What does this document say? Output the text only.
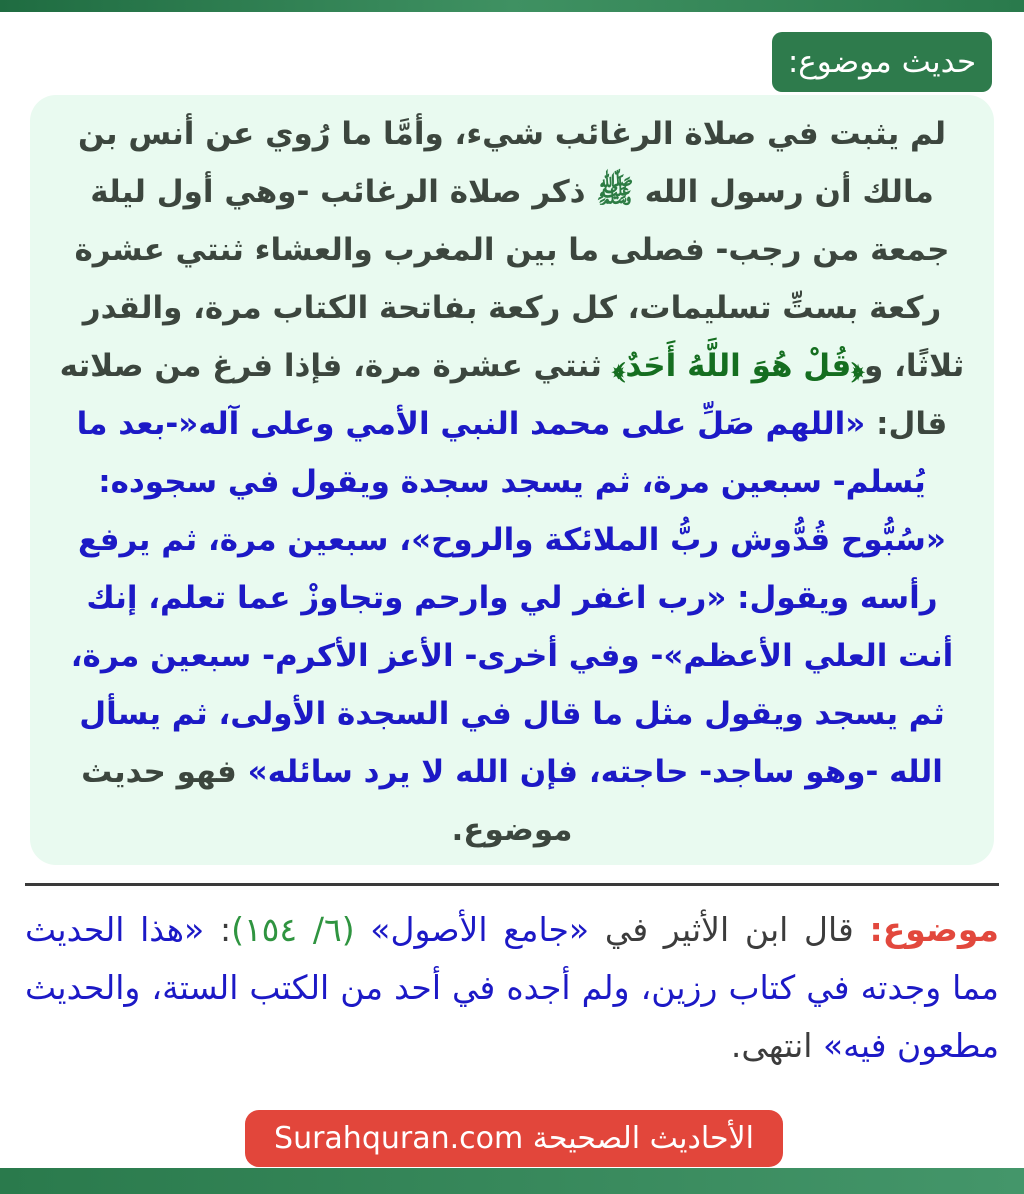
حديث موضوع:
لم يثبت في صلاة الرغائب شيء، وأمَّا ما رُوي عن أنس بن مالك أن رسول الله ﷺ ذكر صلاة الرغائب -وهي أول ليلة جمعة من رجب- فصلى ما بين المغرب والعشاء ثنتي عشرة ركعة بستِّ تسليمات، كل ركعة بفاتحة الكتاب مرة، والقدر ثلاثًا، و﴿قُلْ هُوَ اللَّهُ أَحَدٌ﴾ ثنتي عشرة مرة، فإذا فرغ من صلاته قال: «اللهم صَلِّ على محمد النبي الأمي وعلى آله«-بعد ما يُسلم- سبعين مرة، ثم يسجد سجدة ويقول في سجوده: «سُبُّوح قُدُّوش ربُّ الملائكة والروح»، سبعين مرة، ثم يرفع رأسه ويقول: «رب اغفر لي وارحم وتجاوزْ عما تعلم، إنك أنت العلي الأعظم»- وفي أخرى- الأعز الأكرم- سبعين مرة، ثم يسجد ويقول مثل ما قال في السجدة الأولى، ثم يسأل الله -وهو ساجد- حاجته، فإن الله لا يرد سائله» فهو حديث موضوع.
موضوع: قال ابن الأثير في «جامع الأصول» (٦/ ١٥٤): «هذا الحديث مما وجدته في كتاب رزين، ولم أجده في أحد من الكتب الستة، والحديث مطعون فيه» انتهى.
الأحاديث الصحيحة Surahquran.com
